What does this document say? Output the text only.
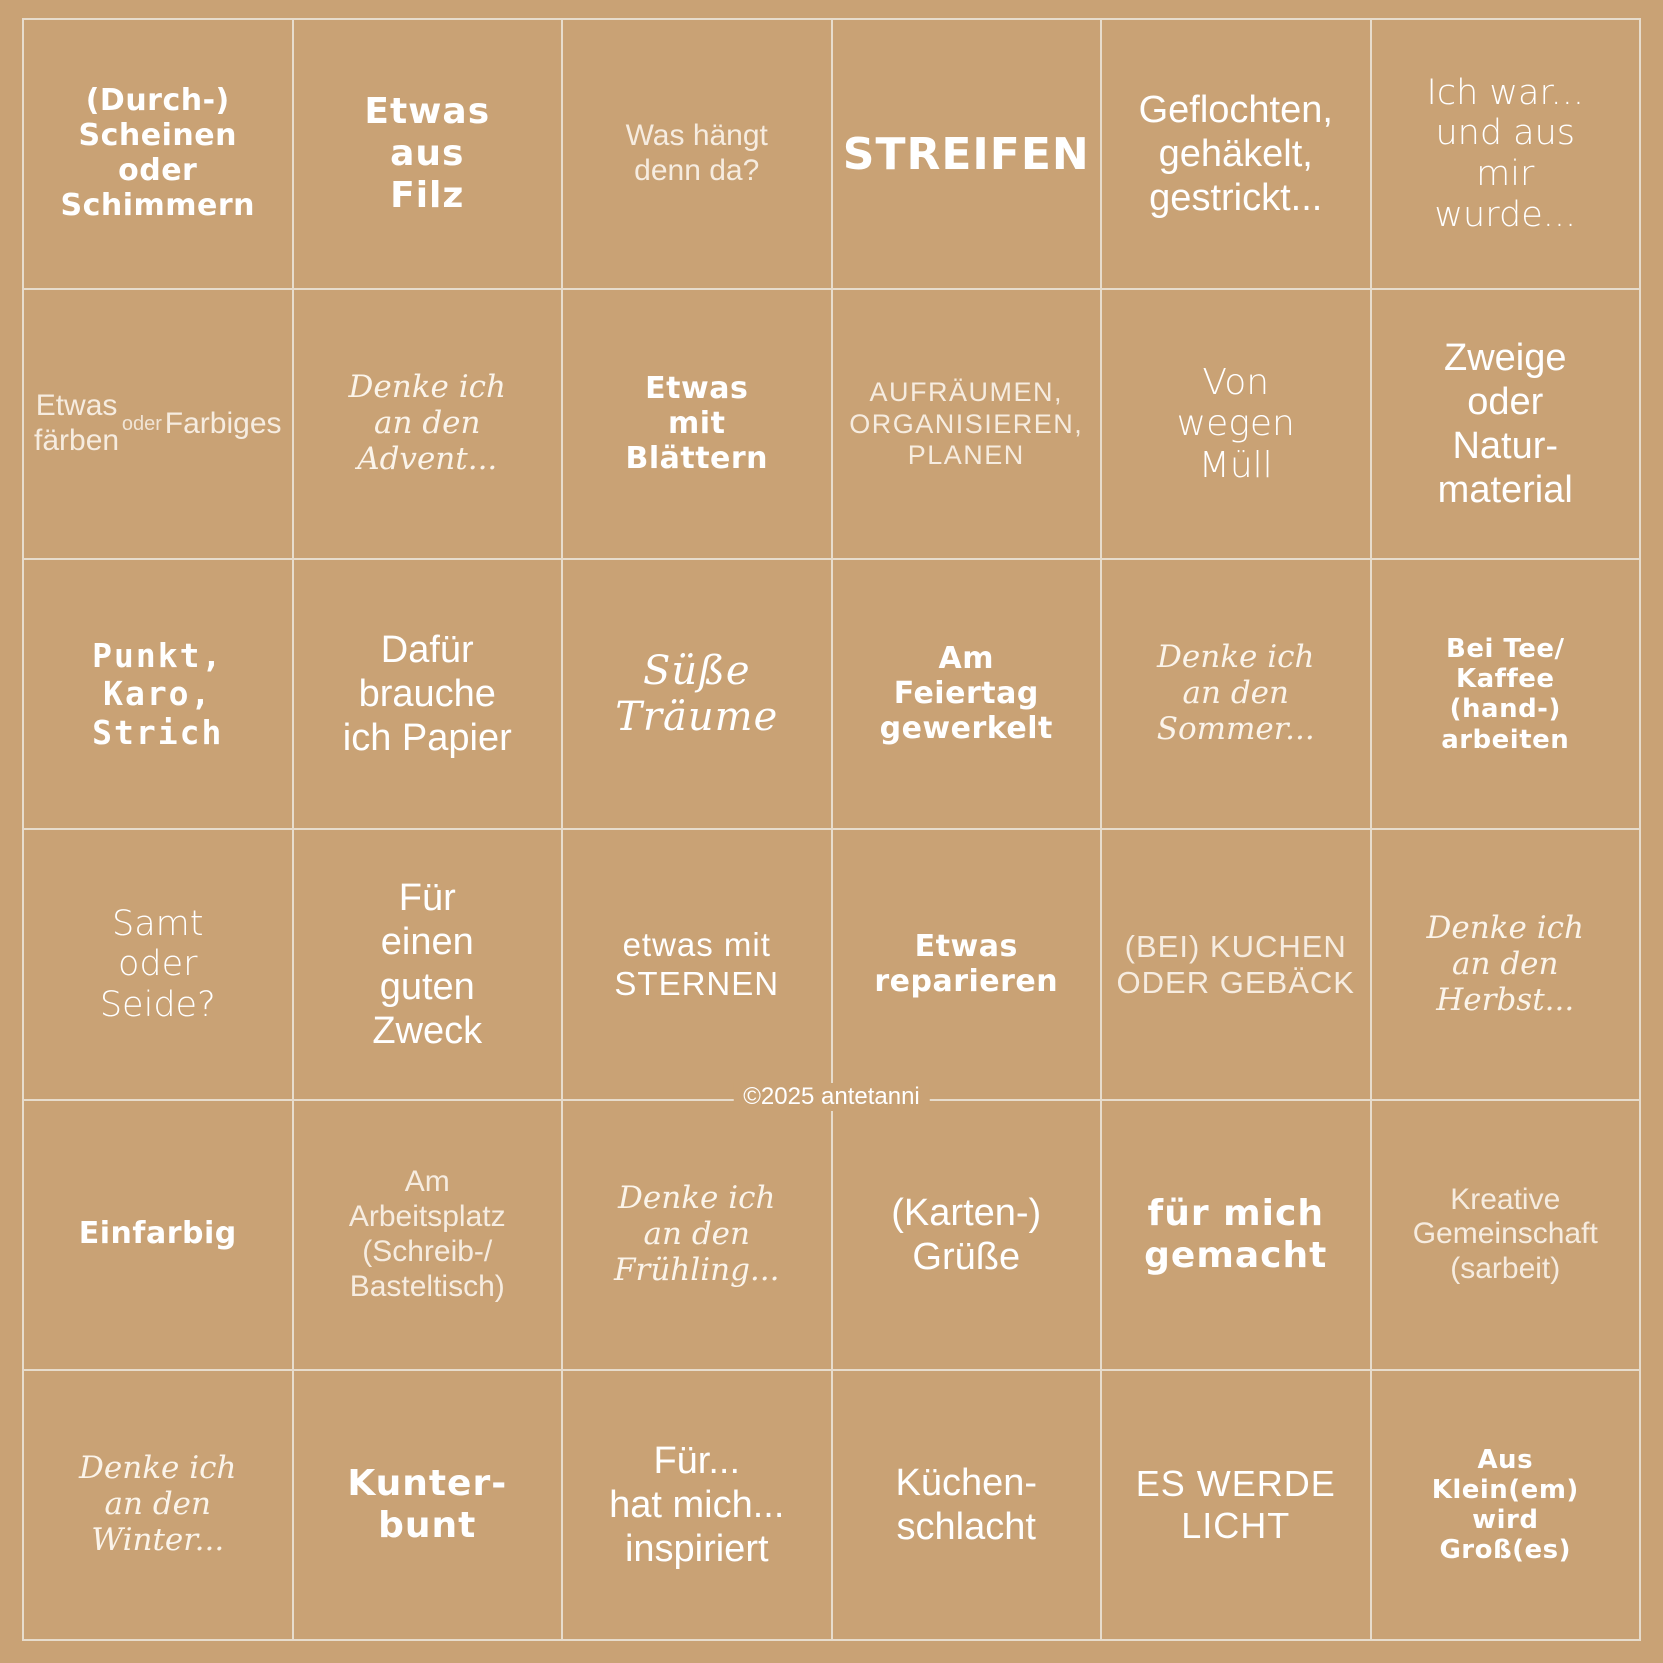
(Durch-)
Scheinen
oder
Schimmern
Etwas
aus
Filz
Was hängt
denn da?	STREIFEN
Geflochten,
gehäkelt,
gestrickt...
Ich war...
und aus
mir
wurde...
Etwas
färben
oder Farbiges
Denke ich
an den
Advent...
Etwas
mit
Blättern
AUFRÄUMEN,
ORGANISIEREN,
PLANEN
Von
wegen
Müll
Zweige
oder
Natur-
material
Punkt,
Karo,
Strich
Dafür
brauche
ich Papier
Süße
Träume
Am
Feiertag
gewerkelt
Denke ich
an den
Sommer...
Bei Tee/
Kaffee
(hand-)
arbeiten
Samt
oder
Seide?
Für
einen
guten
Zweck
etwas mit
STERNEN
Etwas
reparieren
(BEI) KUCHEN
ODER GEBÄCK
Denke ich
an den
Herbst...
Einfarbig
Am
Arbeitsplatz
(Schreib-/
Basteltisch)
Denke ich
an den
Frühling...
(Karten-)
Grüße
für mich
gemacht
Kreative
Gemeinschaft
(sarbeit)
Denke ich
an den
Winter...
Kunter-
bunt
Für...
hat mich...
inspiriert
Küchen-
schlacht
ES WERDE
LICHT
Aus
Klein(em)
wird
Groß(es)
©2025 antetanni
